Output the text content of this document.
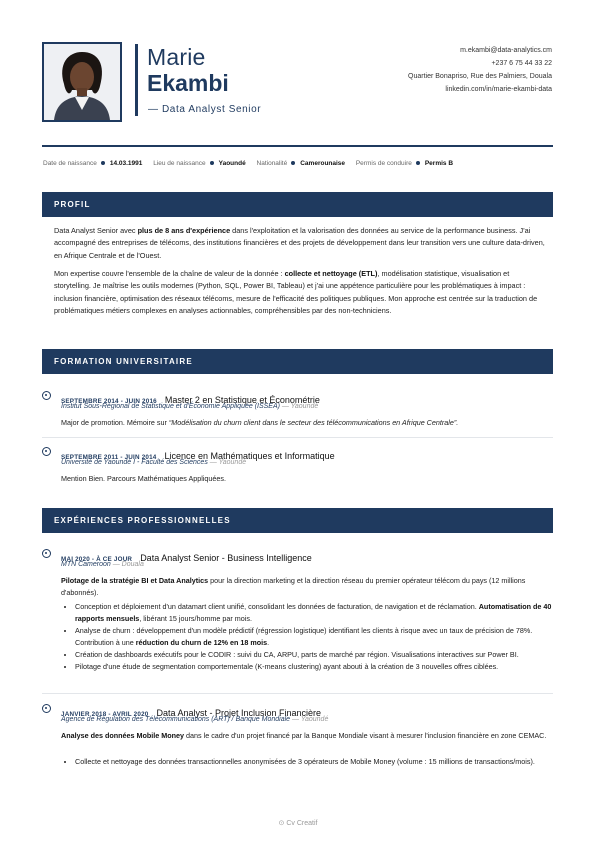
Marie
Ekambi
— Data Analyst Senior
m.ekambi@data-analytics.cm
+237 6 75 44 33 22
Quartier Bonapriso, Rue des Palmiers, Douala
linkedin.com/in/marie-ekambi-data
Date de naissance 14.03.1991 Lieu de naissance Yaoundé Nationalité Camerounaise Permis de conduire Permis B
PROFIL
Data Analyst Senior avec plus de 8 ans d'expérience dans l'exploitation et la valorisation des données au service de la performance business. J'ai accompagné des entreprises de télécoms, des institutions financières et des projets de développement dans leur transition vers une culture data-driven, en Afrique Centrale et de l'Ouest.
Mon expertise couvre l'ensemble de la chaîne de valeur de la donnée : collecte et nettoyage (ETL), modélisation statistique, visualisation et storytelling. Je maîtrise les outils modernes (Python, SQL, Power BI, Tableau) et j'ai une appétence particulière pour les problématiques à impact : inclusion financière, optimisation des réseaux télécoms, mesure de l'efficacité des politiques publiques. Mon approche est centrée sur la traduction de problématiques métiers complexes en analyses actionnables, compréhensibles par des non-techniciens.
FORMATION UNIVERSITAIRE
SEPTEMBRE 2014 - JUIN 2016 Master 2 en Statistique et Économétrie
Institut Sous-Régional de Statistique et d'Économie Appliquée (ISSEA) — Yaoundé
Major de promotion. Mémoire sur “Modélisation du churn client dans le secteur des télécommunications en Afrique Centrale”.
SEPTEMBRE 2011 - JUIN 2014 Licence en Mathématiques et Informatique
Université de Yaoundé I - Faculté des Sciences — Yaoundé
Mention Bien. Parcours Mathématiques Appliquées.
EXPÉRIENCES PROFESSIONNELLES
MAI 2020 - À CE JOUR Data Analyst Senior - Business Intelligence
MTN Cameroon — Douala
Pilotage de la stratégie BI et Data Analytics pour la direction marketing et la direction réseau du premier opérateur télécom du pays (12 millions d'abonnés).
• Conception et déploiement d'un datamart client unifié, consolidant les données de facturation, de navigation et de réclamation. Automatisation de 40 rapports mensuels, libérant 15 jours/homme par mois.
• Analyse de churn : développement d'un modèle prédictif (régression logistique) identifiant les clients à risque avec un taux de précision de 78%. Contribution à une réduction du churn de 12% en 18 mois.
• Création de dashboards exécutifs pour le CODIR : suivi du CA, ARPU, parts de marché par région. Visualisations interactives sur Power BI.
• Pilotage d'une étude de segmentation comportementale (K-means clustering) ayant abouti à la création de 3 nouvelles offres ciblées.
JANVIER 2018 - AVRIL 2020 Data Analyst - Projet Inclusion Financière
Agence de Régulation des Télécommunications (ART) / Banque Mondiale — Yaoundé
Analyse des données Mobile Money dans le cadre d'un projet financé par la Banque Mondiale visant à mesurer l'inclusion financière en zone CEMAC.
• Collecte et nettoyage des données transactionnelles anonymisées de 3 opérateurs de Mobile Money (volume : 15 millions de transactions/mois).
⊙ Cv Creatif
